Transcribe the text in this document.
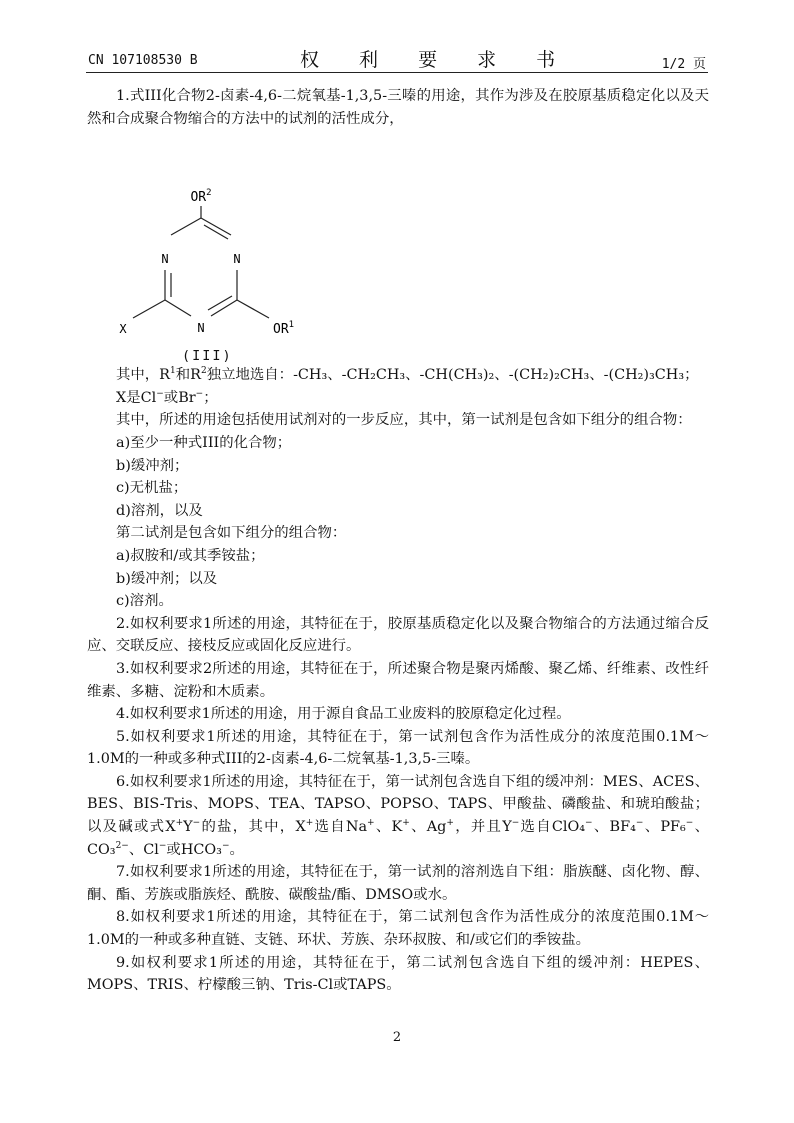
CN 107108530 B	权 利 要 求 书	1/2 页

1.式III化合物2-卤素-4,6-二烷氧基-1,3,5-三嗪的用途，其作为涉及在胶原基质稳定化以及天然和合成聚合物缩合的方法中的试剂的活性成分，

$OR^2$
N	N
N
X	$OR^1$
(III)

其中，$R^1$和$R^2$独立地选自：-CH₃、-CH₂CH₃、-CH(CH₃)₂、-(CH₂)₂CH₃、-(CH₂)₃CH₃；

X是Cl−或Br−；

其中，所述的用途包括使用试剂对的一步反应，其中，第一试剂是包含如下组分的组合物：

a)至少一种式III的化合物；

b)缓冲剂；

c)无机盐；

d)溶剂，以及

第二试剂是包含如下组分的组合物：

a)叔胺和/或其季铵盐；

b)缓冲剂；以及

c)溶剂。

2.如权利要求1所述的用途，其特征在于，胶原基质稳定化以及聚合物缩合的方法通过缩合反应、交联反应、接枝反应或固化反应进行。

3.如权利要求2所述的用途，其特征在于，所述聚合物是聚丙烯酸、聚乙烯、纤维素、改性纤维素、多糖、淀粉和木质素。

4.如权利要求1所述的用途，用于源自食品工业废料的胶原稳定化过程。

5.如权利要求1所述的用途，其特征在于，第一试剂包含作为活性成分的浓度范围0.1M～1.0M的一种或多种式III的2-卤素-4,6-二烷氧基-1,3,5-三嗪。

6.如权利要求1所述的用途，其特征在于，第一试剂包含选自下组的缓冲剂：MES、ACES、BES、BIS-Tris、MOPS、TEA、TAPSO、POPSO、TAPS、甲酸盐、磷酸盐、和琥珀酸盐；以及碱或式X+Y−的盐，其中，X+选自Na+、K+、Ag+，并且Y−选自ClO₄−、BF₄−、PF₆−、CO₃$^{2-}$、Cl−或HCO₃−。

7.如权利要求1所述的用途，其特征在于，第一试剂的溶剂选自下组：脂族醚、卤化物、醇、酮、酯、芳族或脂族烃、酰胺、碳酸盐/酯、DMSO或水。

8.如权利要求1所述的用途，其特征在于，第二试剂包含作为活性成分的浓度范围0.1M～1.0M的一种或多种直链、支链、环状、芳族、杂环叔胺、和/或它们的季铵盐。

9.如权利要求1所述的用途，其特征在于，第二试剂包含选自下组的缓冲剂：HEPES、MOPS、TRIS、柠檬酸三钠、Tris-Cl或TAPS。

2
